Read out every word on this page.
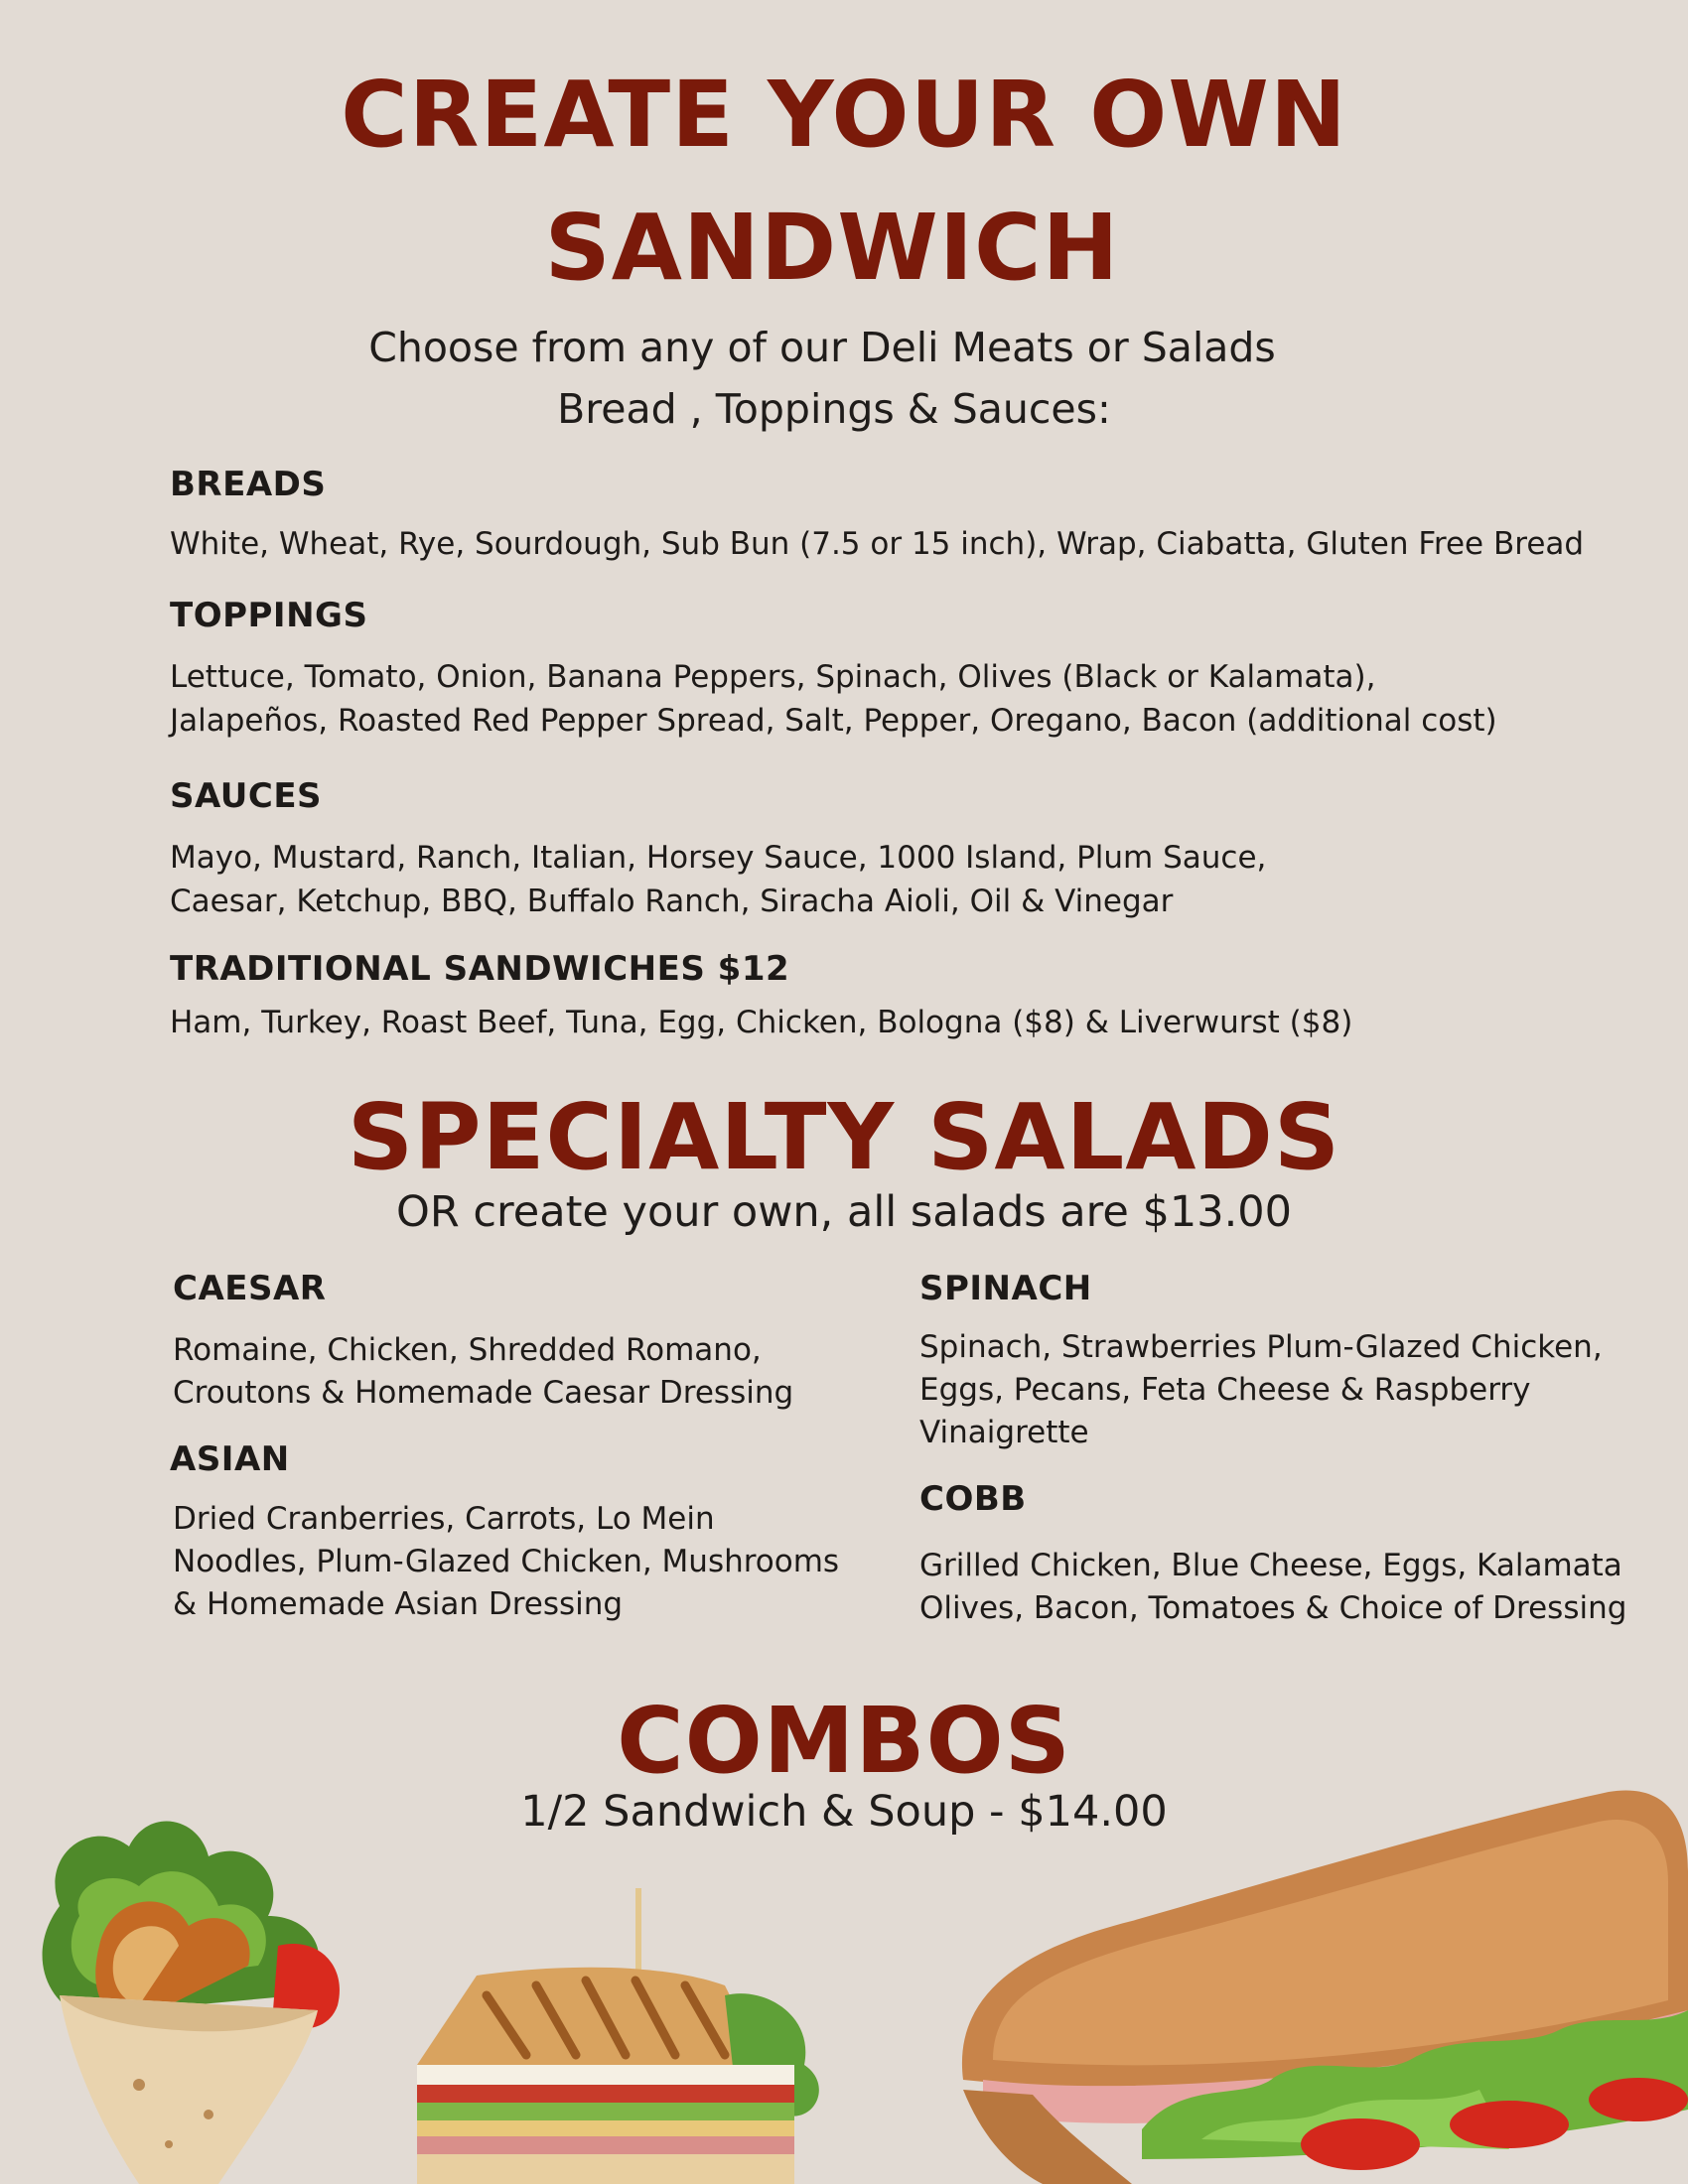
CREATE YOUR OWN
SANDWICH

Choose from any of our Deli Meats or Salads

Bread , Toppings & Sauces:

BREADS

White, Wheat, Rye, Sourdough, Sub Bun (7.5 or 15 inch), Wrap, Ciabatta, Gluten Free Bread

TOPPINGS

Lettuce, Tomato, Onion, Banana Peppers, Spinach, Olives (Black or Kalamata),

Jalapeños, Roasted Red Pepper Spread, Salt, Pepper, Oregano, Bacon (additional cost)

SAUCES

Mayo, Mustard, Ranch, Italian, Horsey Sauce, 1000 Island, Plum Sauce,

Caesar, Ketchup, BBQ, Buffalo Ranch, Siracha Aioli, Oil & Vinegar

TRADITIONAL SANDWICHES $12

Ham, Turkey, Roast Beef, Tuna, Egg, Chicken, Bologna ($8) & Liverwurst ($8)

SPECIALTY SALADS

OR create your own, all salads are $13.00

CAESAR

Romaine, Chicken, Shredded Romano,

Croutons & Homemade Caesar Dressing

ASIAN

Dried Cranberries, Carrots, Lo Mein

Noodles, Plum-Glazed Chicken, Mushrooms

& Homemade Asian Dressing

SPINACH

Spinach, Strawberries Plum-Glazed Chicken,

Eggs, Pecans, Feta Cheese & Raspberry

Vinaigrette

COBB

Grilled Chicken, Blue Cheese, Eggs, Kalamata

Olives, Bacon, Tomatoes & Choice of Dressing

COMBOS

1/2 Sandwich & Soup - $14.00
